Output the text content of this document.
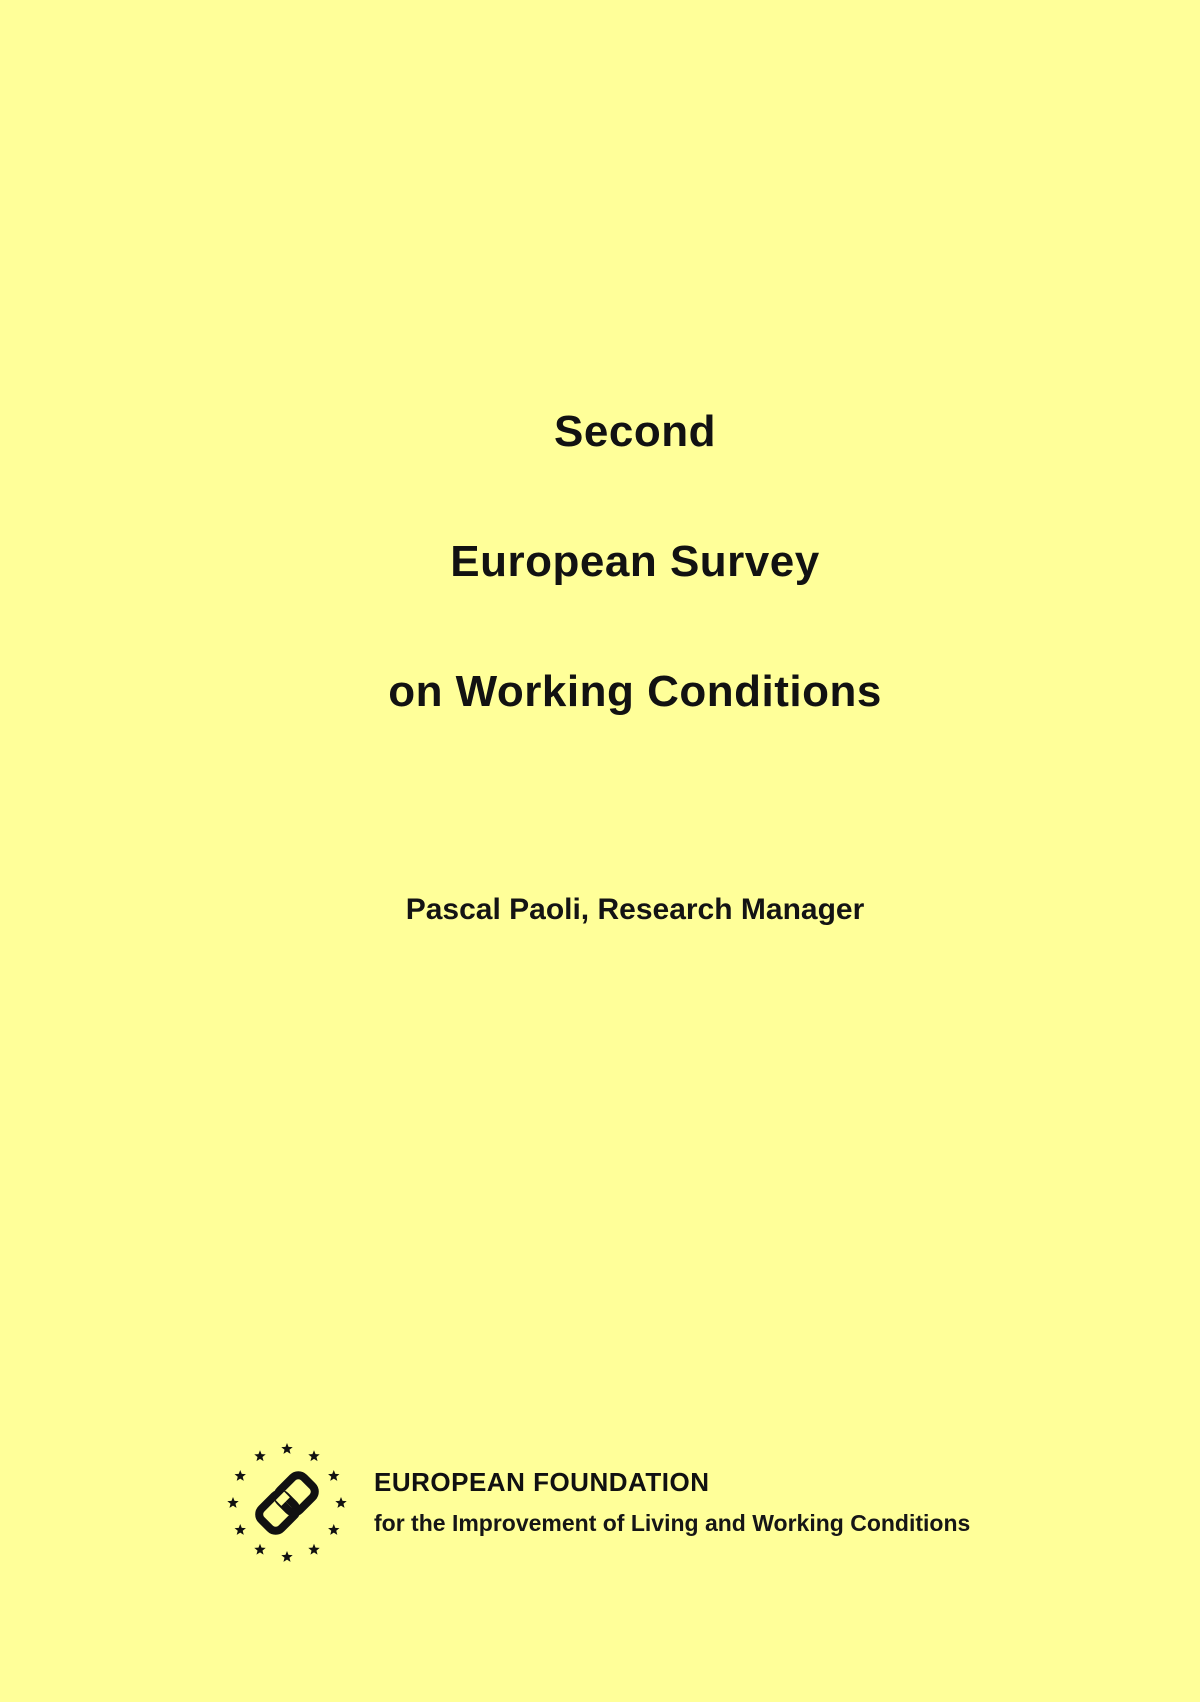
Second
European Survey
on Working Conditions
Pascal Paoli, Research Manager
EUROPEAN FOUNDATION
for the Improvement of Living and Working Conditions
